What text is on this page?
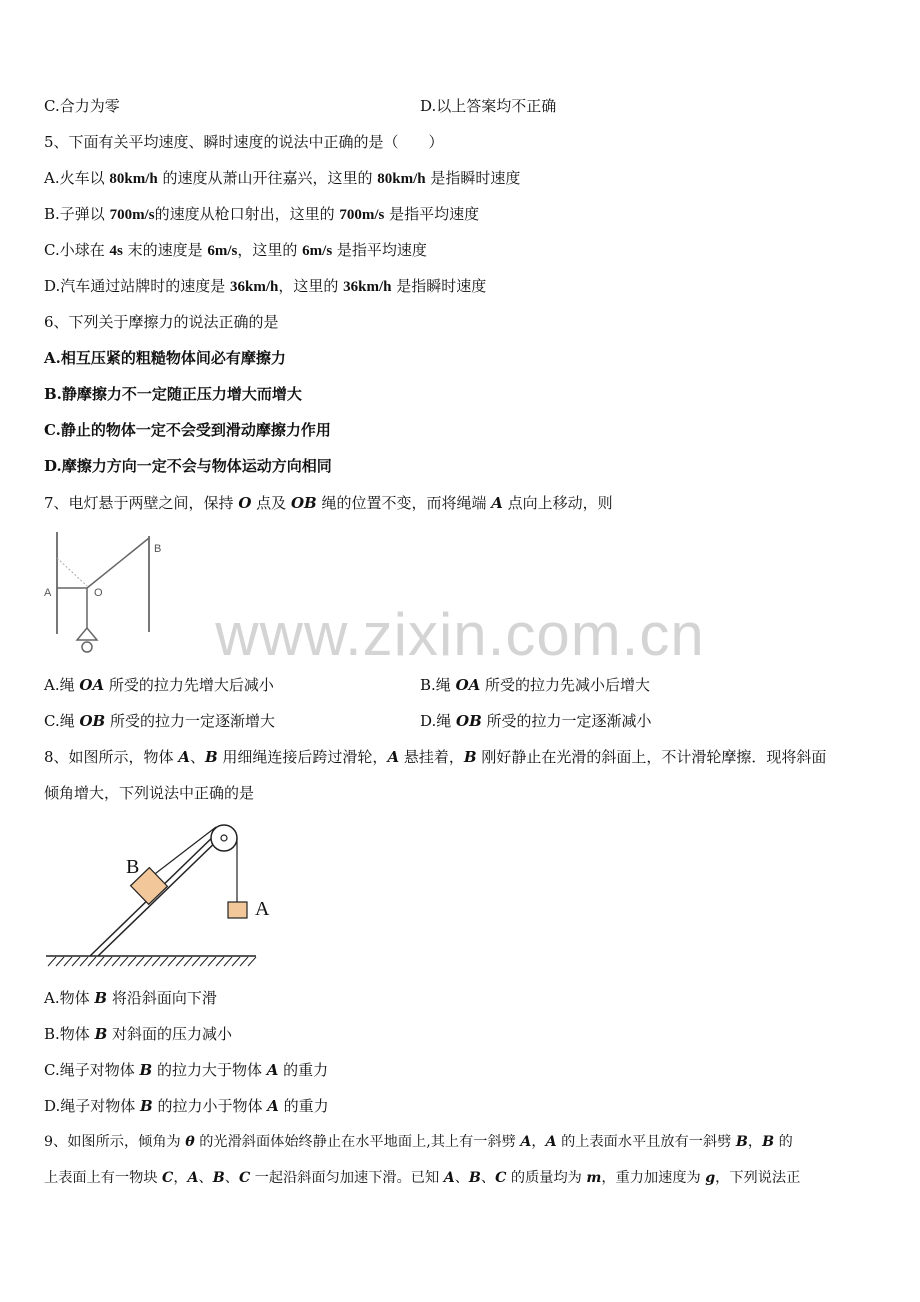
C.合力为零	D.以上答案均不正确
5、下面有关平均速度、瞬时速度的说法中正确的是（　　）
A.火车以 80km/h 的速度从萧山开往嘉兴，这里的 80km/h 是指瞬时速度
B.子弹以 700m/s的速度从枪口射出，这里的 700m/s 是指平均速度
C.小球在 4s 末的速度是 6m/s，这里的 6m/s 是指平均速度
D.汽车通过站牌时的速度是 36km/h，这里的 36km/h 是指瞬时速度
6、下列关于摩擦力的说法正确的是
A.相互压紧的粗糙物体间必有摩擦力
B.静摩擦力不一定随正压力增大而增大
C.静止的物体一定不会受到滑动摩擦力作用
D.摩擦力方向一定不会与物体运动方向相同
7、电灯悬于两壁之间，保持 O 点及 OB 绳的位置不变，而将绳端 A 点向上移动，则
A	O
B
www.zixin.com.cn
A.绳 OA 所受的拉力先增大后减小	B.绳 OA 所受的拉力先减小后增大
C.绳 OB 所受的拉力一定逐渐增大	D.绳 OB 所受的拉力一定逐渐减小
8、如图所示，物体 A、B 用细绳连接后跨过滑轮，A 悬挂着，B 刚好静止在光滑的斜面上，不计滑轮摩擦．现将斜面
倾角增大，下列说法中正确的是
B
A
A.物体 B 将沿斜面向下滑
B.物体 B 对斜面的压力减小
C.绳子对物体 B 的拉力大于物体 A 的重力
D.绳子对物体 B 的拉力小于物体 A 的重力
9、如图所示，倾角为 θ 的光滑斜面体始终静止在水平地面上,其上有一斜劈 A，A 的上表面水平且放有一斜劈 B，B 的
上表面上有一物块 C，A、B、C 一起沿斜面匀加速下滑。已知 A、B、C 的质量均为 m，重力加速度为 g，下列说法正
